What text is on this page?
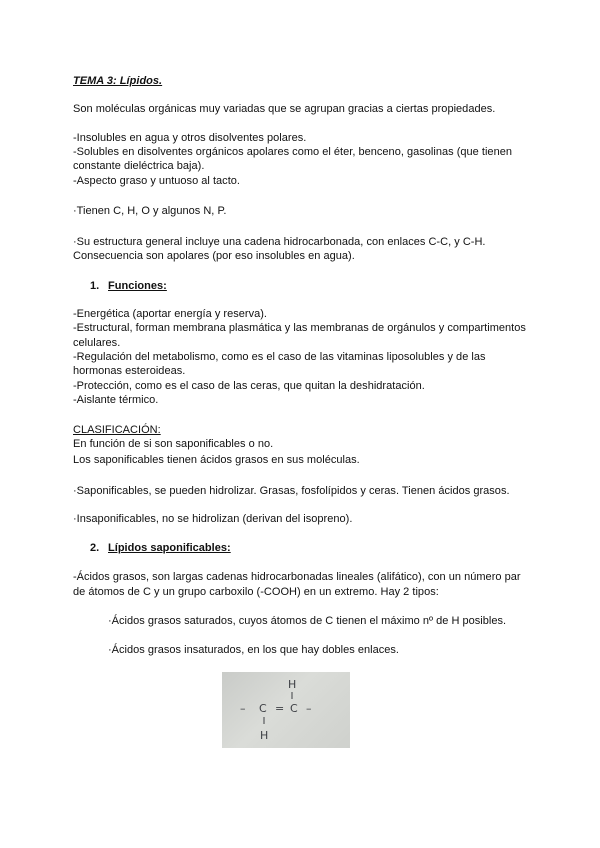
TEMA 3: Lípidos.
Son moléculas orgánicas muy variadas que se agrupan gracias a ciertas propiedades.
-Insolubles en agua y otros disolventes polares.
-Solubles en disolventes orgánicos apolares como el éter, benceno, gasolinas (que tienen
constante dieléctrica baja).
-Aspecto graso y untuoso al tacto.
·Tienen C, H, O y algunos N, P.
·Su estructura general incluye una cadena hidrocarbonada, con enlaces C-C, y C-H.
Consecuencia son apolares (por eso insolubles en agua).
1. Funciones:
-Energética (aportar energía y reserva).
-Estructural, forman membrana plasmática y las membranas de orgánulos y compartimentos
celulares.
-Regulación del metabolismo, como es el caso de las vitaminas liposolubles y de las
hormonas esteroideas.
-Protección, como es el caso de las ceras, que quitan la deshidratación.
-Aislante térmico.
CLASIFICACIÓN:
En función de si son saponificables o no.
Los saponificables tienen ácidos grasos en sus moléculas.
·Saponificables, se pueden hidrolizar. Grasas, fosfolípidos y ceras. Tienen ácidos grasos.
·Insaponificables, no se hidrolizan (derivan del isopreno).
2. Lípidos saponificables:
-Ácidos grasos, son largas cadenas hidrocarbonadas lineales (alifático), con un número par
de átomos de C y un grupo carboxilo (-COOH) en un extremo. Hay 2 tipos:
·Ácidos grasos saturados, cuyos átomos de C tienen el máximo nº de H posibles.
·Ácidos grasos insaturados, en los que hay dobles enlaces.
H
– C = C –
H
